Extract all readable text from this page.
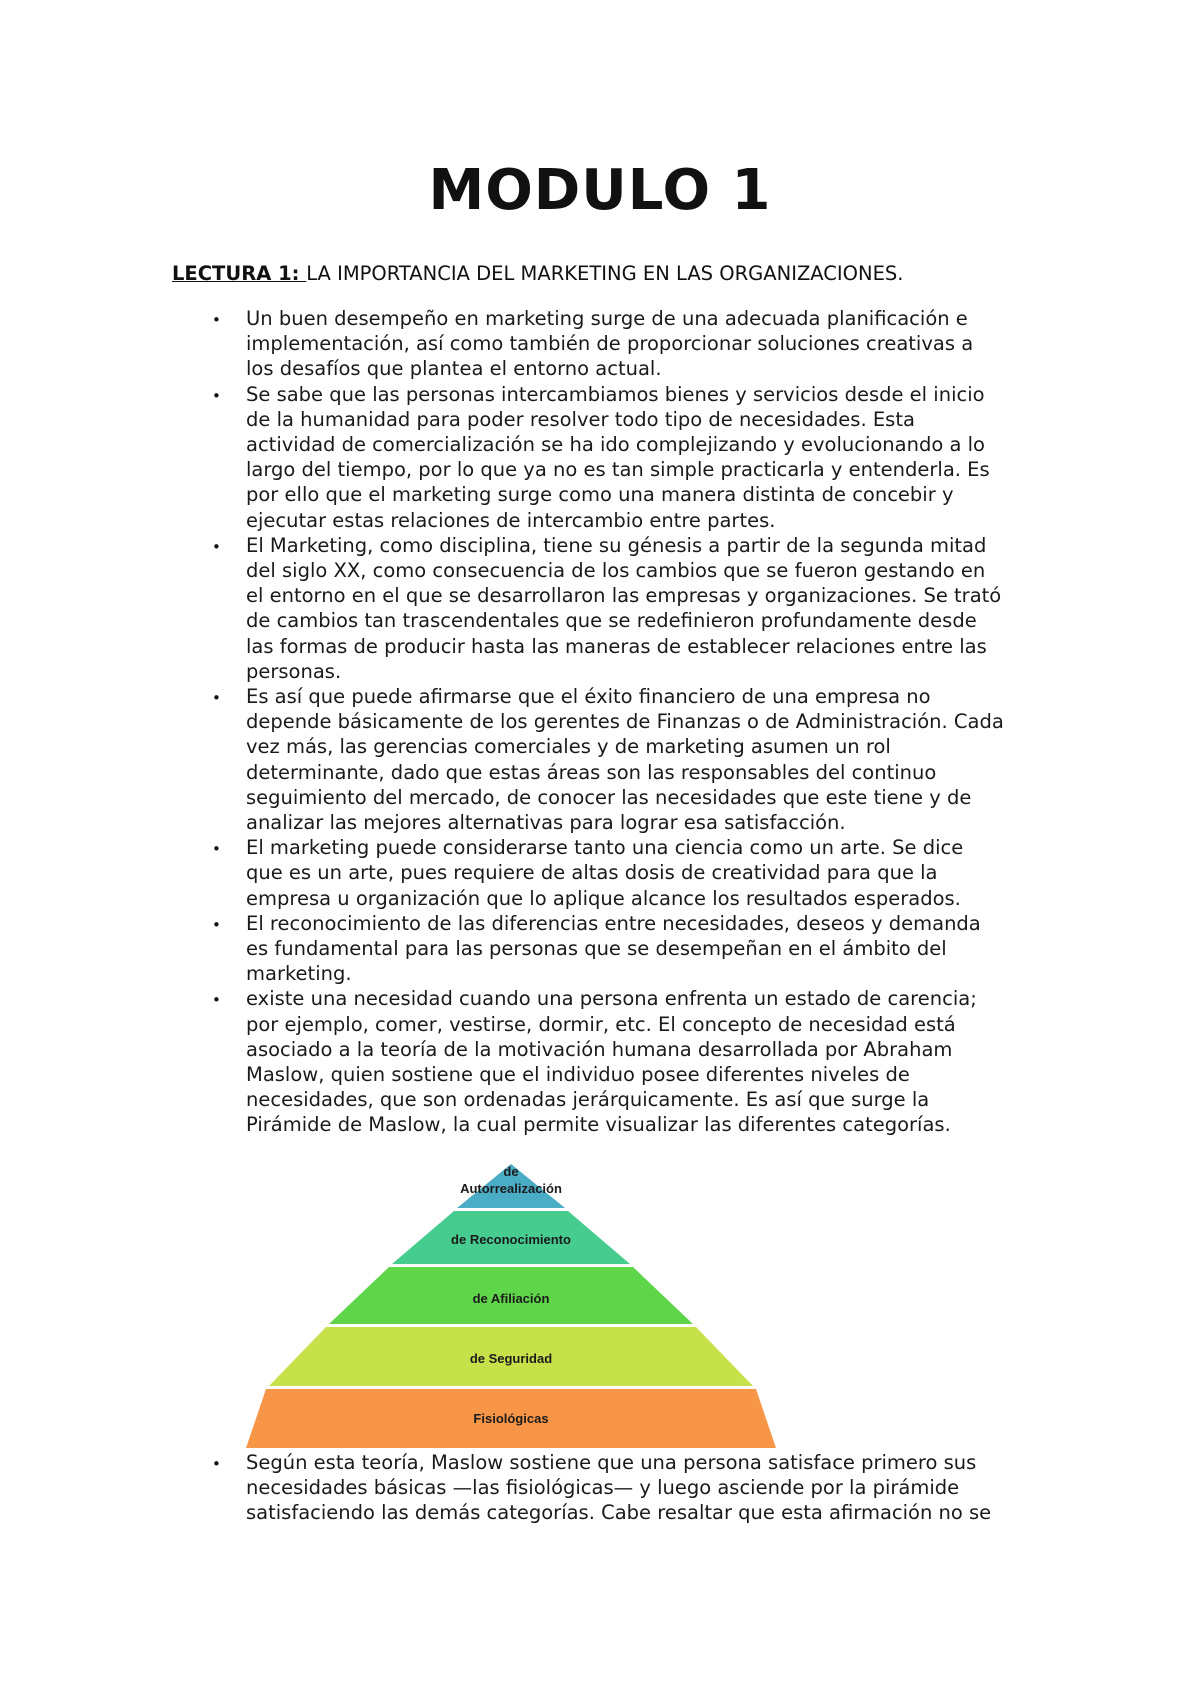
MODULO 1

LECTURA 1: LA IMPORTANCIA DEL MARKETING EN LAS ORGANIZACIONES.

• Un buen desempeño en marketing surge de una adecuada planificación e
implementación, así como también de proporcionar soluciones creativas a
los desafíos que plantea el entorno actual.
• Se sabe que las personas intercambiamos bienes y servicios desde el inicio
de la humanidad para poder resolver todo tipo de necesidades. Esta
actividad de comercialización se ha ido complejizando y evolucionando a lo
largo del tiempo, por lo que ya no es tan simple practicarla y entenderla. Es
por ello que el marketing surge como una manera distinta de concebir y
ejecutar estas relaciones de intercambio entre partes.
• El Marketing, como disciplina, tiene su génesis a partir de la segunda mitad
del siglo XX, como consecuencia de los cambios que se fueron gestando en
el entorno en el que se desarrollaron las empresas y organizaciones. Se trató
de cambios tan trascendentales que se redefinieron profundamente desde
las formas de producir hasta las maneras de establecer relaciones entre las
personas.
• Es así que puede afirmarse que el éxito financiero de una empresa no
depende básicamente de los gerentes de Finanzas o de Administración. Cada
vez más, las gerencias comerciales y de marketing asumen un rol
determinante, dado que estas áreas son las responsables del continuo
seguimiento del mercado, de conocer las necesidades que este tiene y de
analizar las mejores alternativas para lograr esa satisfacción.
• El marketing puede considerarse tanto una ciencia como un arte. Se dice
que es un arte, pues requiere de altas dosis de creatividad para que la
empresa u organización que lo aplique alcance los resultados esperados.
• El reconocimiento de las diferencias entre necesidades, deseos y demanda
es fundamental para las personas que se desempeñan en el ámbito del
marketing.
• existe una necesidad cuando una persona enfrenta un estado de carencia;
por ejemplo, comer, vestirse, dormir, etc. El concepto de necesidad está
asociado a la teoría de la motivación humana desarrollada por Abraham
Maslow, quien sostiene que el individuo posee diferentes niveles de
necesidades, que son ordenadas jerárquicamente. Es así que surge la
Pirámide de Maslow, la cual permite visualizar las diferentes categorías.
• Según esta teoría, Maslow sostiene que una persona satisface primero sus
necesidades básicas —las fisiológicas— y luego asciende por la pirámide
satisfaciendo las demás categorías. Cabe resaltar que esta afirmación no se
de
Autorrealización
de Reconocimiento
de Afiliación
de Seguridad
Fisiológicas
